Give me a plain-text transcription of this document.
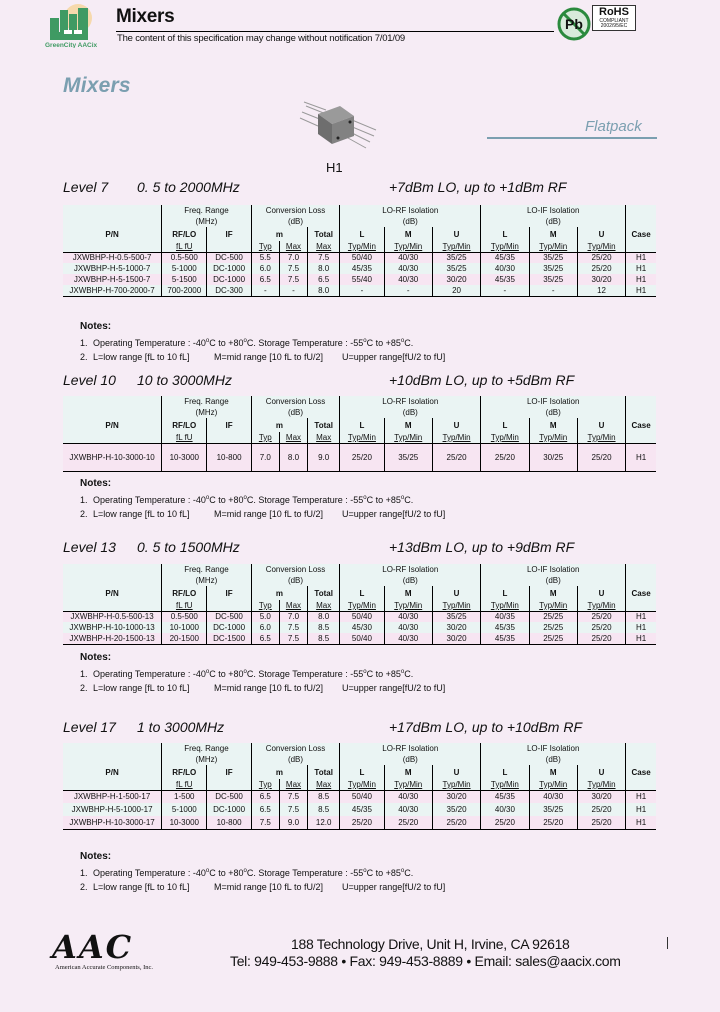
GreenCity AACix
Mixers
The content of this specification may change without notification 7/01/09
Pb
RoHS
COMPLIANT
2002/95/EC
Mixers
Flatpack
H1
Level 7 0. 5 to 2000MHz	+7dBm LO, up to +1dBm RF
	Freq. Range		Conversion Loss			LO-RF Isolation			LO-IF Isolation			
	(MHz)		(dB)			(dB)			(dB)			
P/N	RF/LO	IF	m		Total	L	M	U	L	M	U	Case
	fL fU		Typ	Max	Max	Typ/Min	Typ/Min	Typ/Min	Typ/Min	Typ/Min	Typ/Min	
JXWBHP-H-0.5-500-7	0.5-500	DC-500	5.5	7.0	7.5	50/40	40/30	35/25	45/35	35/25	25/20	H1
JXWBHP-H-5-1000-7	5-1000	DC-1000	6.0	7.5	8.0	45/35	40/30	35/25	40/30	35/25	25/20	H1
JXWBHP-H-5-1500-7	5-1500	DC-1000	6.5	7.5	6.5	55/40	40/30	30/20	45/35	35/25	30/20	H1
JXWBHP-H-700-2000-7	700-2000	DC-300	-	-	8.0	-	-	20	-	-	12	H1
Notes:
1. Operating Temperature : -40$^o$C to $+80^oC$. Storage Temperature : -55$^o$C to $+85^oC$.
2. L=low range [fL to 10 fL]	M=mid range [10 fL to fU/2] U=upper range[fU/2 to fU]
Level 10 10 to 3000MHz	+10dBm LO, up to +5dBm RF
	Freq. Range		Conversion Loss			LO-RF Isolation			LO-IF Isolation			
	(MHz)		(dB)			(dB)			(dB)			
P/N	RF/LO	IF	m		Total	L	M	U	L	M	U	Case
	fL fU		Typ	Max	Max	Typ/Min	Typ/Min	Typ/Min	Typ/Min	Typ/Min	Typ/Min	
JXWBHP-H-10-3000-10	10-3000	10-800	7.0	8.0	9.0	25/20	35/25	25/20	25/20	30/25	25/20	H1
Notes:
1. Operating Temperature : -40$^o$C to $+80^oC$. Storage Temperature : -55$^o$C to $+85^oC$.
2. L=low range [fL to 10 fL]	M=mid range [10 fL to fU/2] U=upper range[fU/2 to fU]
Level 13 0. 5 to 1500MHz	+13dBm LO, up to +9dBm RF
	Freq. Range		Conversion Loss			LO-RF Isolation			LO-IF Isolation			
	(MHz)		(dB)			(dB)			(dB)			
P/N	RF/LO	IF	m		Total	L	M	U	L	M	U	Case
	fL fU		Typ	Max	Max	Typ/Min	Typ/Min	Typ/Min	Typ/Min	Typ/Min	Typ/Min	
JXWBHP-H-0.5-500-13	0.5-500	DC-500	5.0	7.0	8.0	50/40	40/30	35/25	40/35	25/25	25/20	H1
JXWBHP-H-10-1000-13	10-1000	DC-1000	6.0	7.5	8.5	45/30	40/30	30/20	45/35	25/25	25/20	H1
JXWBHP-H-20-1500-13	20-1500	DC-1500	6.5	7.5	8.5	50/40	40/30	30/20	45/35	25/25	25/20	H1
Notes:
1. Operating Temperature : -40$^o$C to $+80^oC$. Storage Temperature : -55$^o$C to $+85^oC$.
2. L=low range [fL to 10 fL]	M=mid range [10 fL to fU/2] U=upper range[fU/2 to fU]
Level 17 1 to 3000MHz	+17dBm LO, up to +10dBm RF
	Freq. Range		Conversion Loss			LO-RF Isolation			LO-IF Isolation			
	(MHz)		(dB)			(dB)			(dB)			
P/N	RF/LO	IF	m		Total	L	M	U	L	M	U	Case
	fL fU		Typ	Max	Max	Typ/Min	Typ/Min	Typ/Min	Typ/Min	Typ/Min	Typ/Min	
JXWBHP-H-1-500-17	1-500	DC-500	6.5	7.5	8.5	50/40	40/30	30/20	45/35	40/30	30/20	H1
JXWBHP-H-5-1000-17	5-1000	DC-1000	6.5	7.5	8.5	45/35	40/30	35/20	40/30	35/25	25/20	H1
JXWBHP-H-10-3000-17	10-3000	10-800	7.5	9.0	12.0	25/20	25/20	25/20	25/20	25/20	25/20	H1
Notes:
1. Operating Temperature : -40$^o$C to $+80^oC$. Storage Temperature : -55$^o$C to $+85^oC$.
2. L=low range [fL to 10 fL]	M=mid range [10 fL to fU/2] U=upper range[fU/2 to fU]
AAC
American Accurate Components, Inc.
188 Technology Drive, Unit H, Irvine, CA 92618
Tel: 949-453-9888 • Fax: 949-453-8889 • Email: sales@aacix.com
